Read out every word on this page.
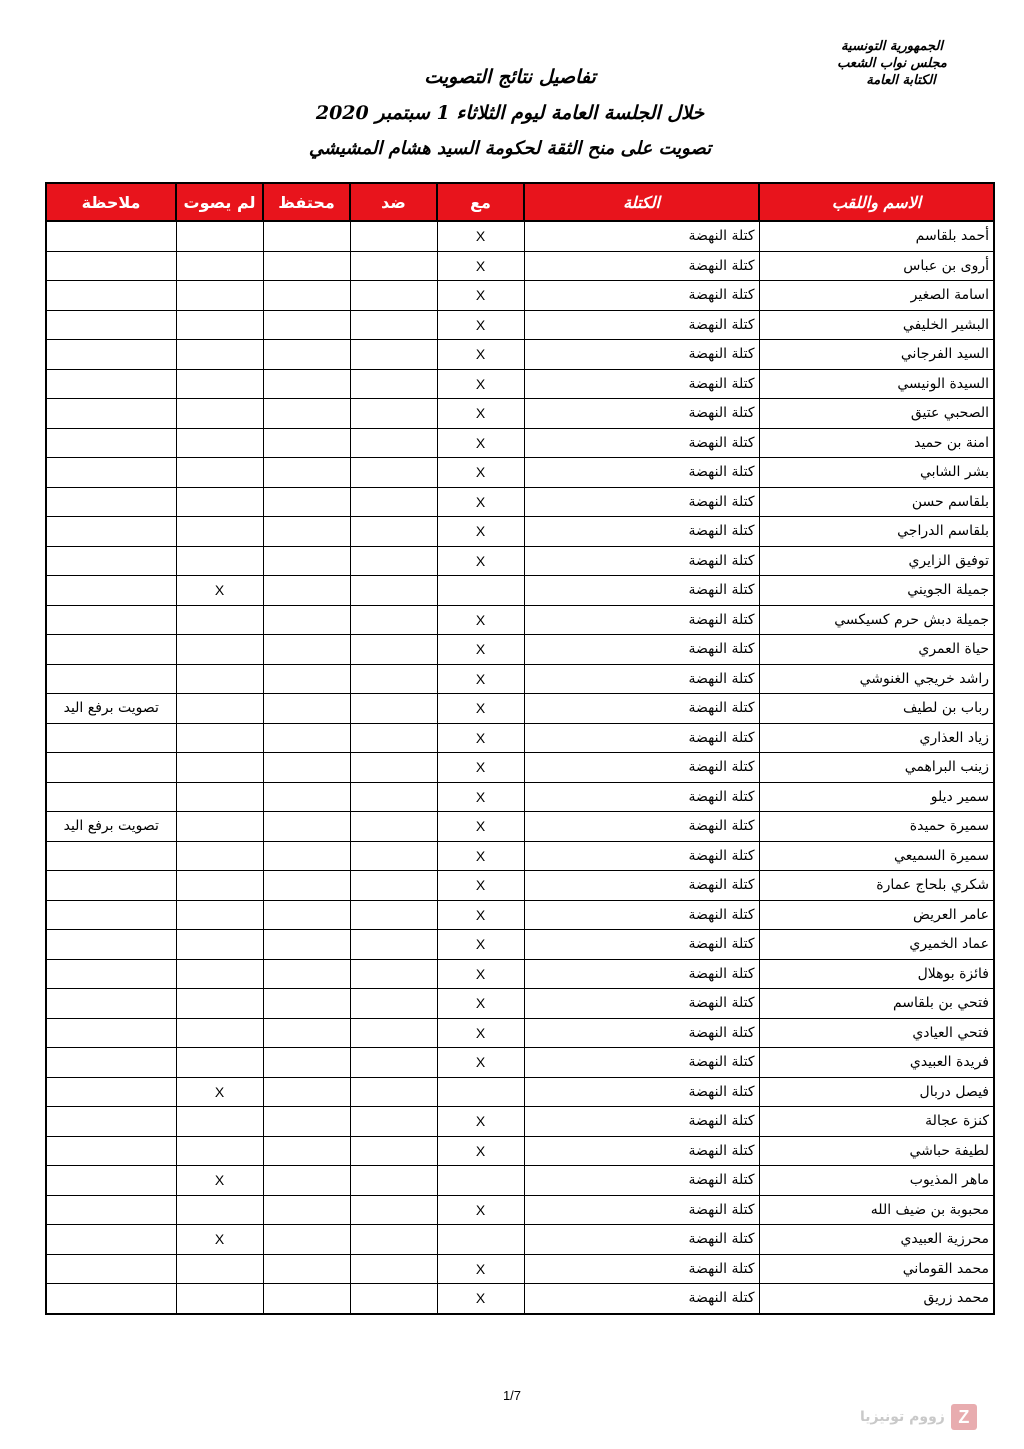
الجمهورية التونسية
مجلس نواب الشعب
الكتابة العامة
تفاصيل نتائج التصويت
خلال الجلسة العامة ليوم الثلاثاء 1 سبتمبر 2020
تصويت على منح الثقة لحكومة السيد هشام المشيشي
الاسم واللقب	الكتلة	مع	ضد	محتفظ	لم يصوت	ملاحظة
أحمد بلقاسم	كتلة النهضة	X				
أروى بن عباس	كتلة النهضة	X				
اسامة الصغير	كتلة النهضة	X				
البشير الخليفي	كتلة النهضة	X				
السيد الفرجاني	كتلة النهضة	X				
السيدة الونيسي	كتلة النهضة	X				
الصحبي عتيق	كتلة النهضة	X				
امنة بن حميد	كتلة النهضة	X				
بشر الشابي	كتلة النهضة	X				
بلقاسم حسن	كتلة النهضة	X				
بلقاسم الدراجي	كتلة النهضة	X				
توفيق الزايري	كتلة النهضة	X				
جميلة الجويني	كتلة النهضة				X	
جميلة دبش حرم كسيكسي	كتلة النهضة	X				
حياة العمري	كتلة النهضة	X				
راشد خريجي الغنوشي	كتلة النهضة	X				
رباب بن لطيف	كتلة النهضة	X				تصويت برفع اليد
زياد العذاري	كتلة النهضة	X				
زينب البراهمي	كتلة النهضة	X				
سمير ديلو	كتلة النهضة	X				
سميرة حميدة	كتلة النهضة	X				تصويت برفع اليد
سميرة السميعي	كتلة النهضة	X				
شكري بلحاج عمارة	كتلة النهضة	X				
عامر العريض	كتلة النهضة	X				
عماد الخميري	كتلة النهضة	X				
فائزة بوهلال	كتلة النهضة	X				
فتحي بن بلقاسم	كتلة النهضة	X				
فتحي العيادي	كتلة النهضة	X				
فريدة العبيدي	كتلة النهضة	X				
فيصل دربال	كتلة النهضة				X	
كنزة عجالة	كتلة النهضة	X				
لطيفة حباشي	كتلة النهضة	X				
ماهر المذيوب	كتلة النهضة				X	
محبوبة بن ضيف الله	كتلة النهضة	X				
محرزية العبيدي	كتلة النهضة				X	
محمد القوماني	كتلة النهضة	X				
محمد زريق	كتلة النهضة	X				
1/7
Z
زووم تونيزيا
